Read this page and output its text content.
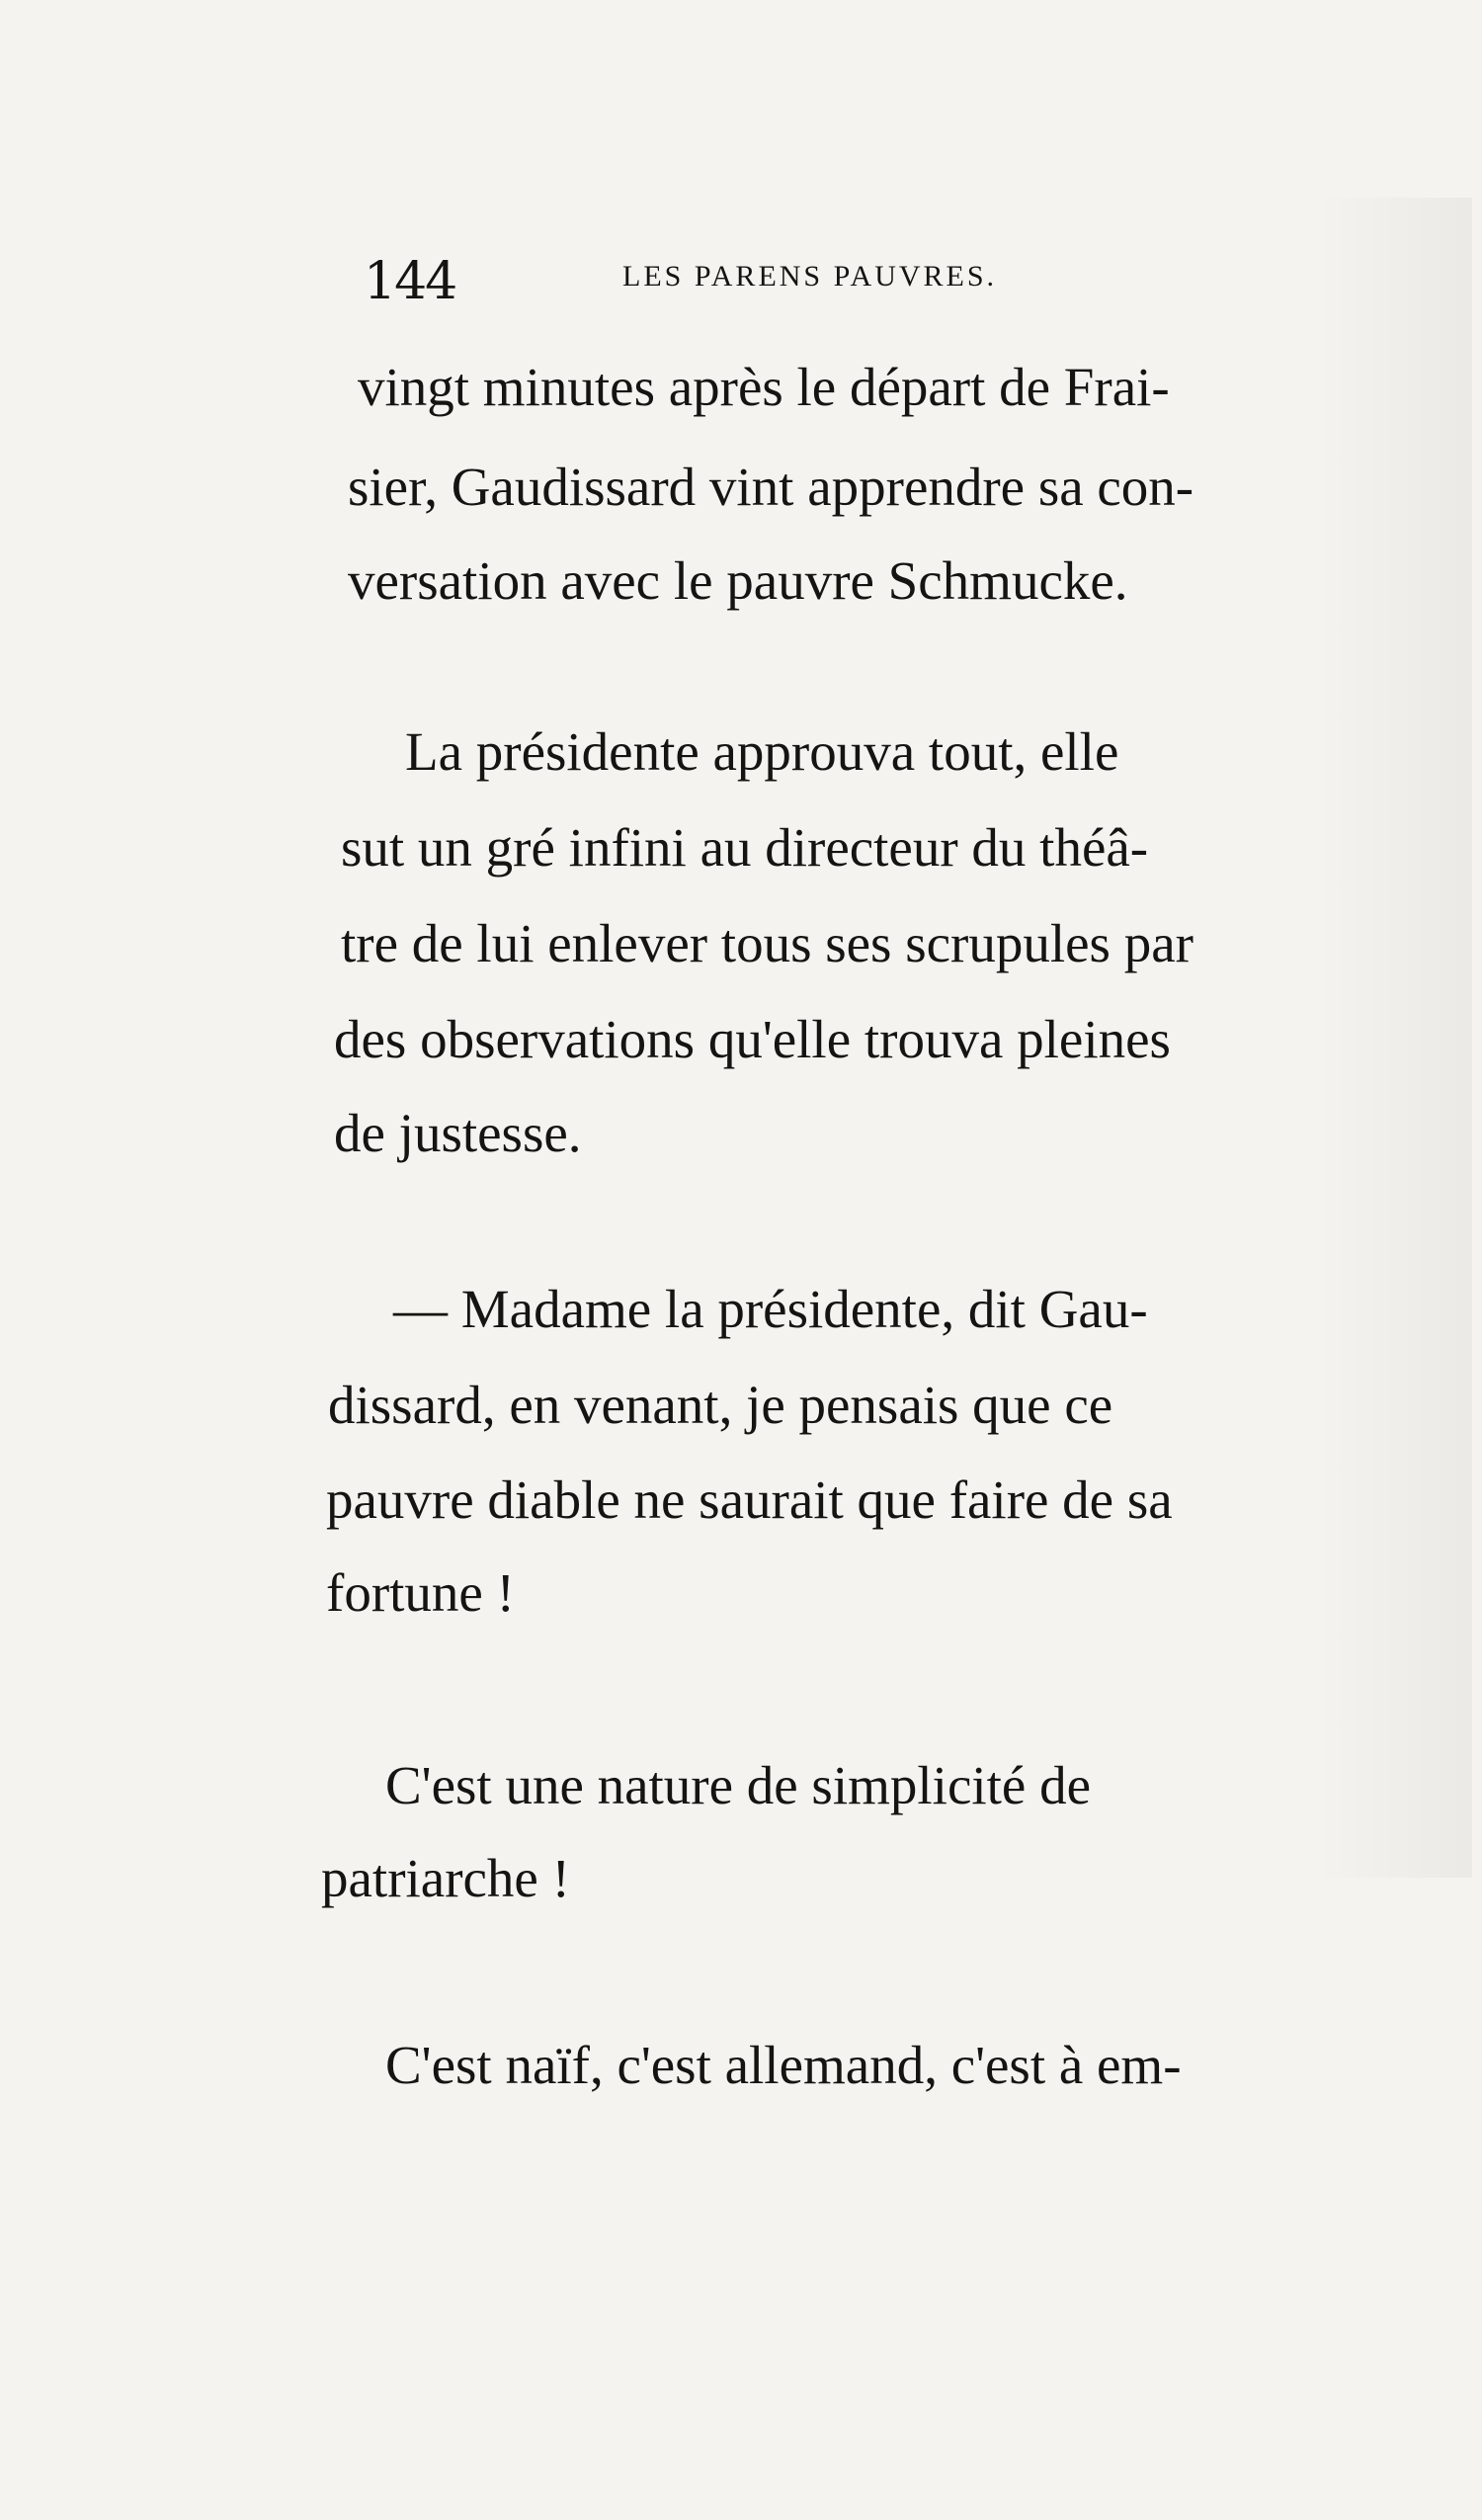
144	LES PARENS PAUVRES.
vingt minutes après le départ de Frai-
sier, Gaudissard vint apprendre sa con-
versation avec le pauvre Schmucke.
La présidente approuva tout, elle
sut un gré infini au directeur du théâ-
tre de lui enlever tous ses scrupules par
des observations qu'elle trouva pleines
de justesse.
— Madame la présidente, dit Gau-
dissard, en venant, je pensais que ce
pauvre diable ne saurait que faire de sa
fortune !
C'est une nature de simplicité de
patriarche !
C'est naïf, c'est allemand, c'est à em-
